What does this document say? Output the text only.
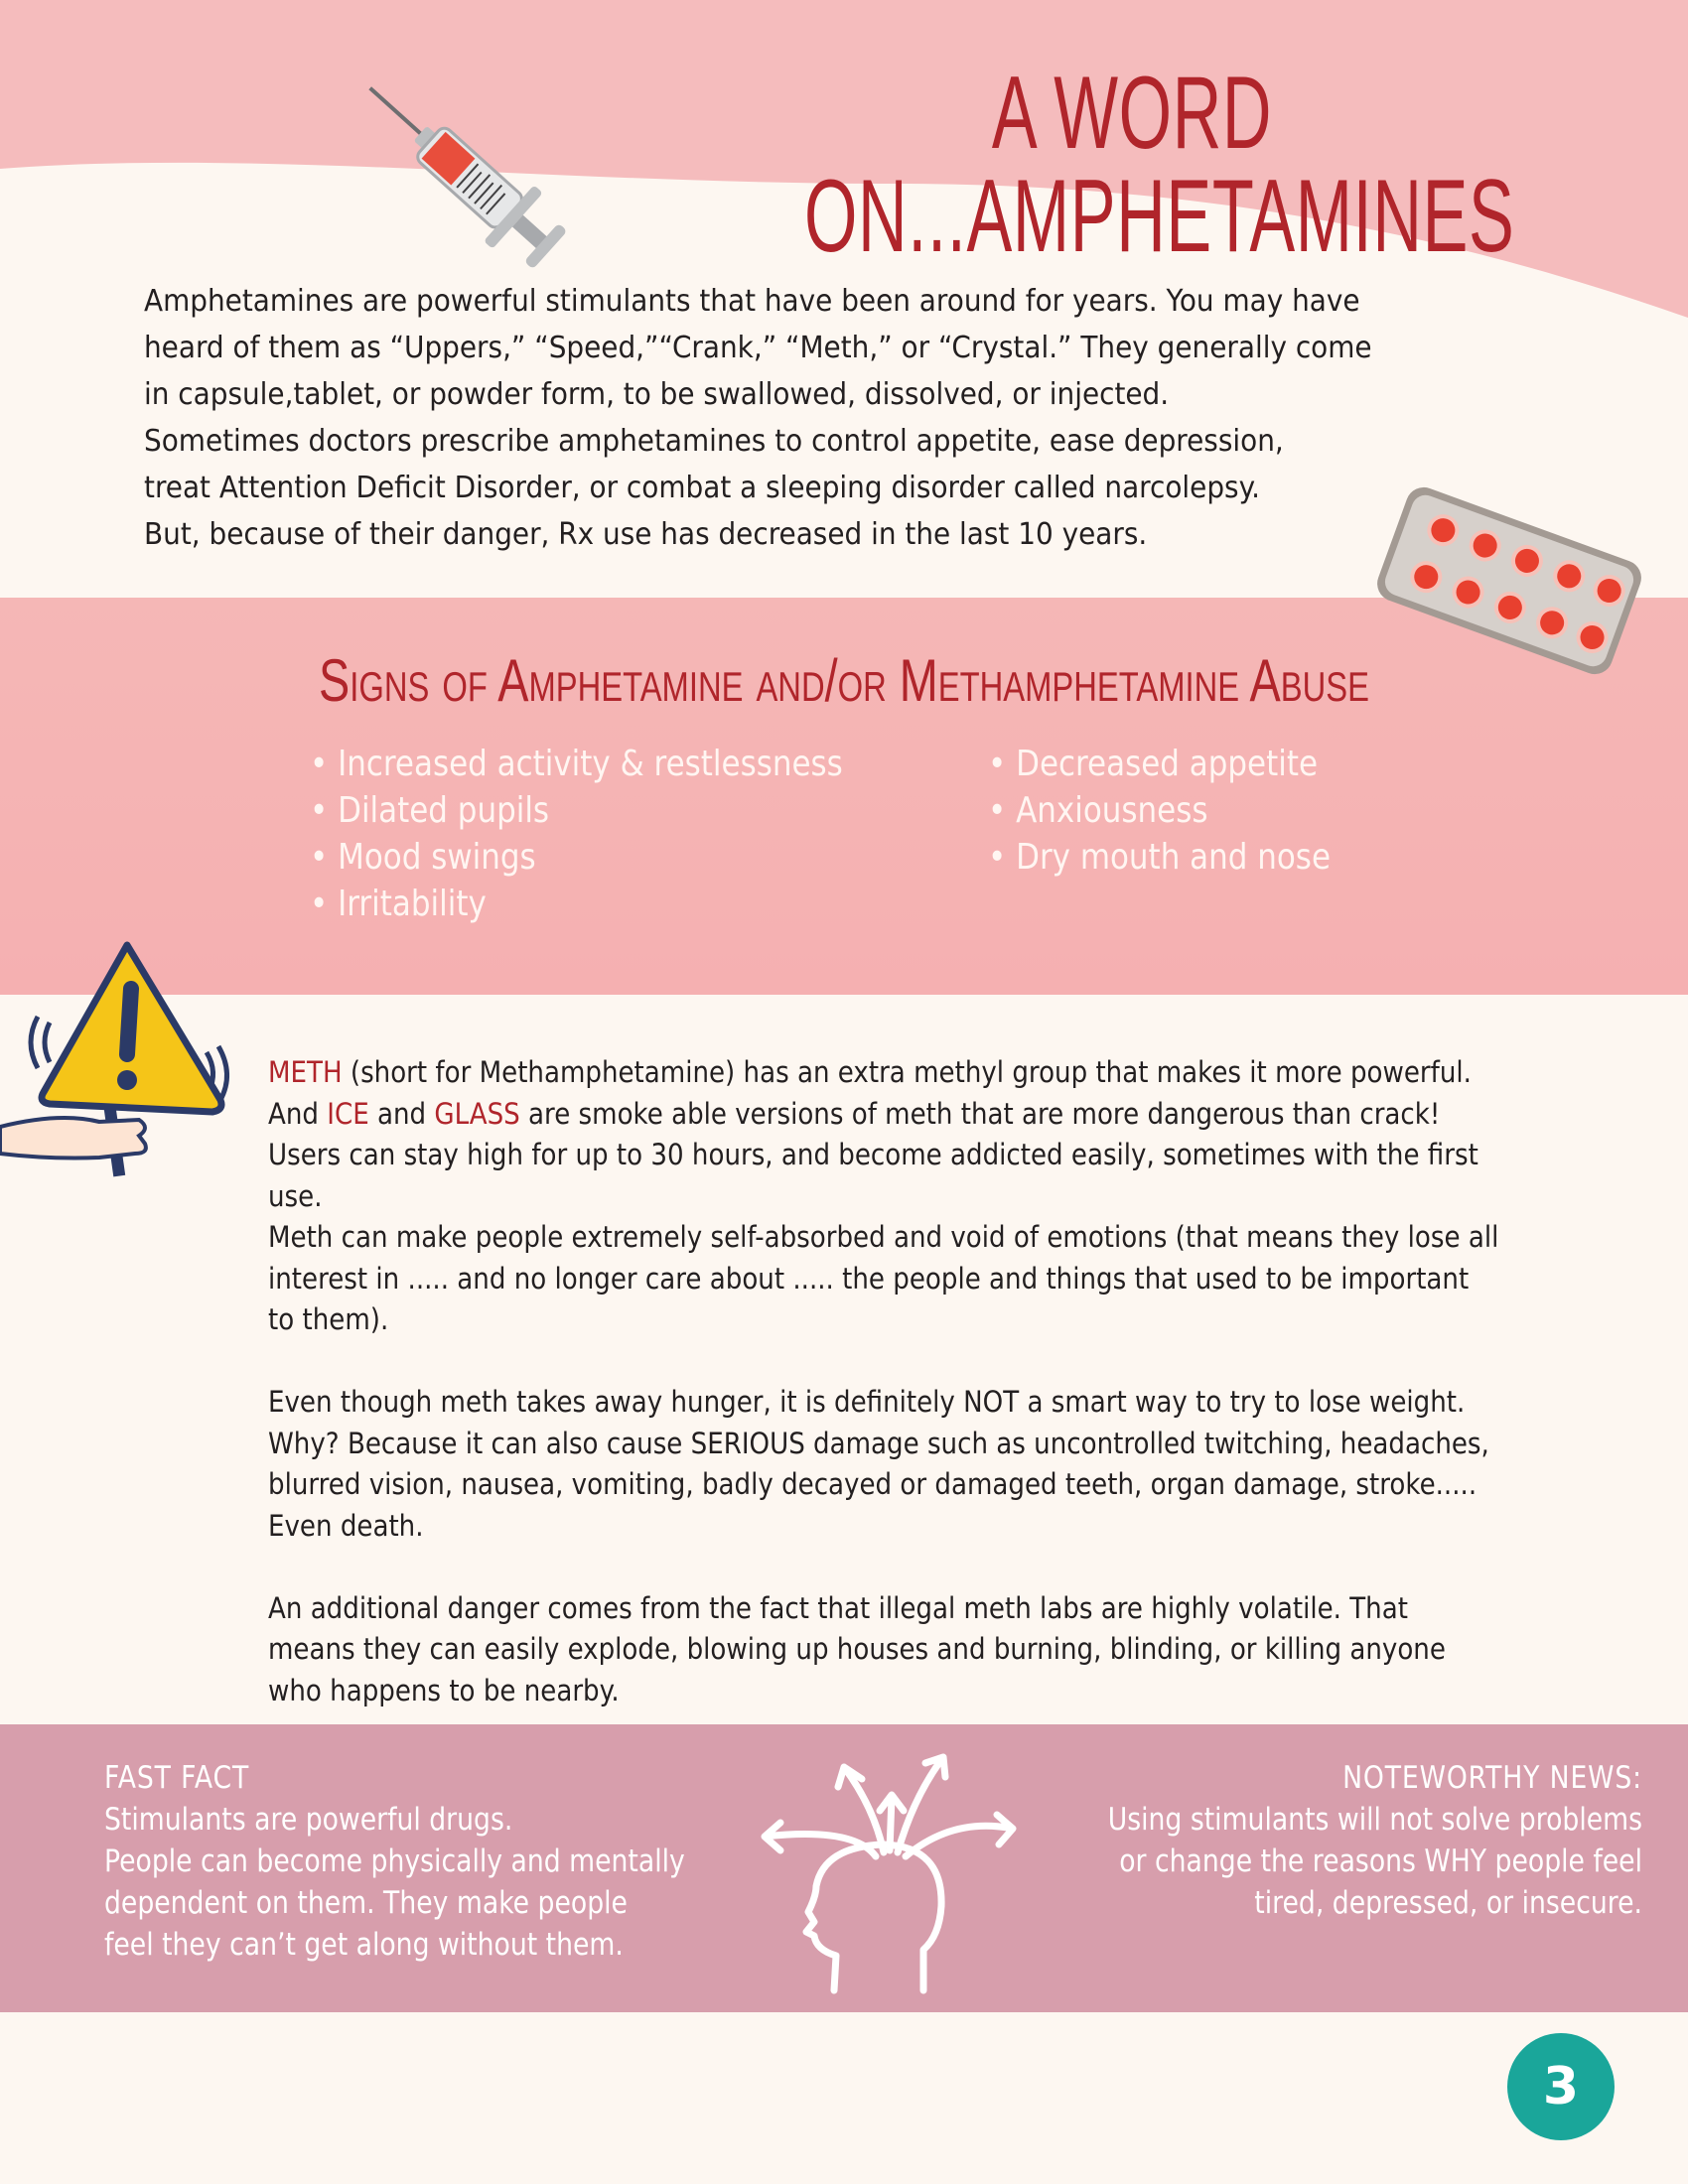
A WORD ON...AMPHETAMINES

Amphetamines are powerful stimulants that have been around for years. You may have

heard of them as “Uppers,” “Speed,”“Crank,” “Meth,” or “Crystal.” They generally come

in capsule,tablet, or powder form, to be swallowed, dissolved, or injected.

Sometimes doctors prescribe amphetamines to control appetite, ease depression,

treat Attention Deficit Disorder, or combat a sleeping disorder called narcolepsy.

But, because of their danger, Rx use has decreased in the last 10 years.

Signs of Amphetamine and/or Methamphetamine Abuse
• Increased activity & restlessness
• Dilated pupils
• Mood swings
• Irritability
• Decreased appetite
• Anxiousness
• Dry mouth and nose

METH (short for Methamphetamine) has an extra methyl group that makes it more powerful.
And ICE and GLASS are smoke able versions of meth that are more dangerous than crack!
Users can stay high for up to 30 hours, and become addicted easily, sometimes with the first use.

Meth can make people extremely self-absorbed and void of emotions (that means they lose all interest in ..... and no longer care about ..... the people and things that used to be important to them).

Even though meth takes away hunger, it is definitely NOT a smart way to try to lose weight. Why? Because it can also cause SERIOUS damage such as uncontrolled twitching, headaches, blurred vision, nausea, vomiting, badly decayed or damaged teeth, organ damage, stroke..... Even death.

An additional danger comes from the fact that illegal meth labs are highly volatile. That means they can easily explode, blowing up houses and burning, blinding, or killing anyone who happens to be nearby.

FAST FACT
Stimulants are powerful drugs.
People can become physically and mentally
dependent on them. They make people
feel they can’t get along without them.
NOTEWORTHY NEWS:
Using stimulants will not solve problems
or change the reasons WHY people feel
tired, depressed, or insecure.
3
